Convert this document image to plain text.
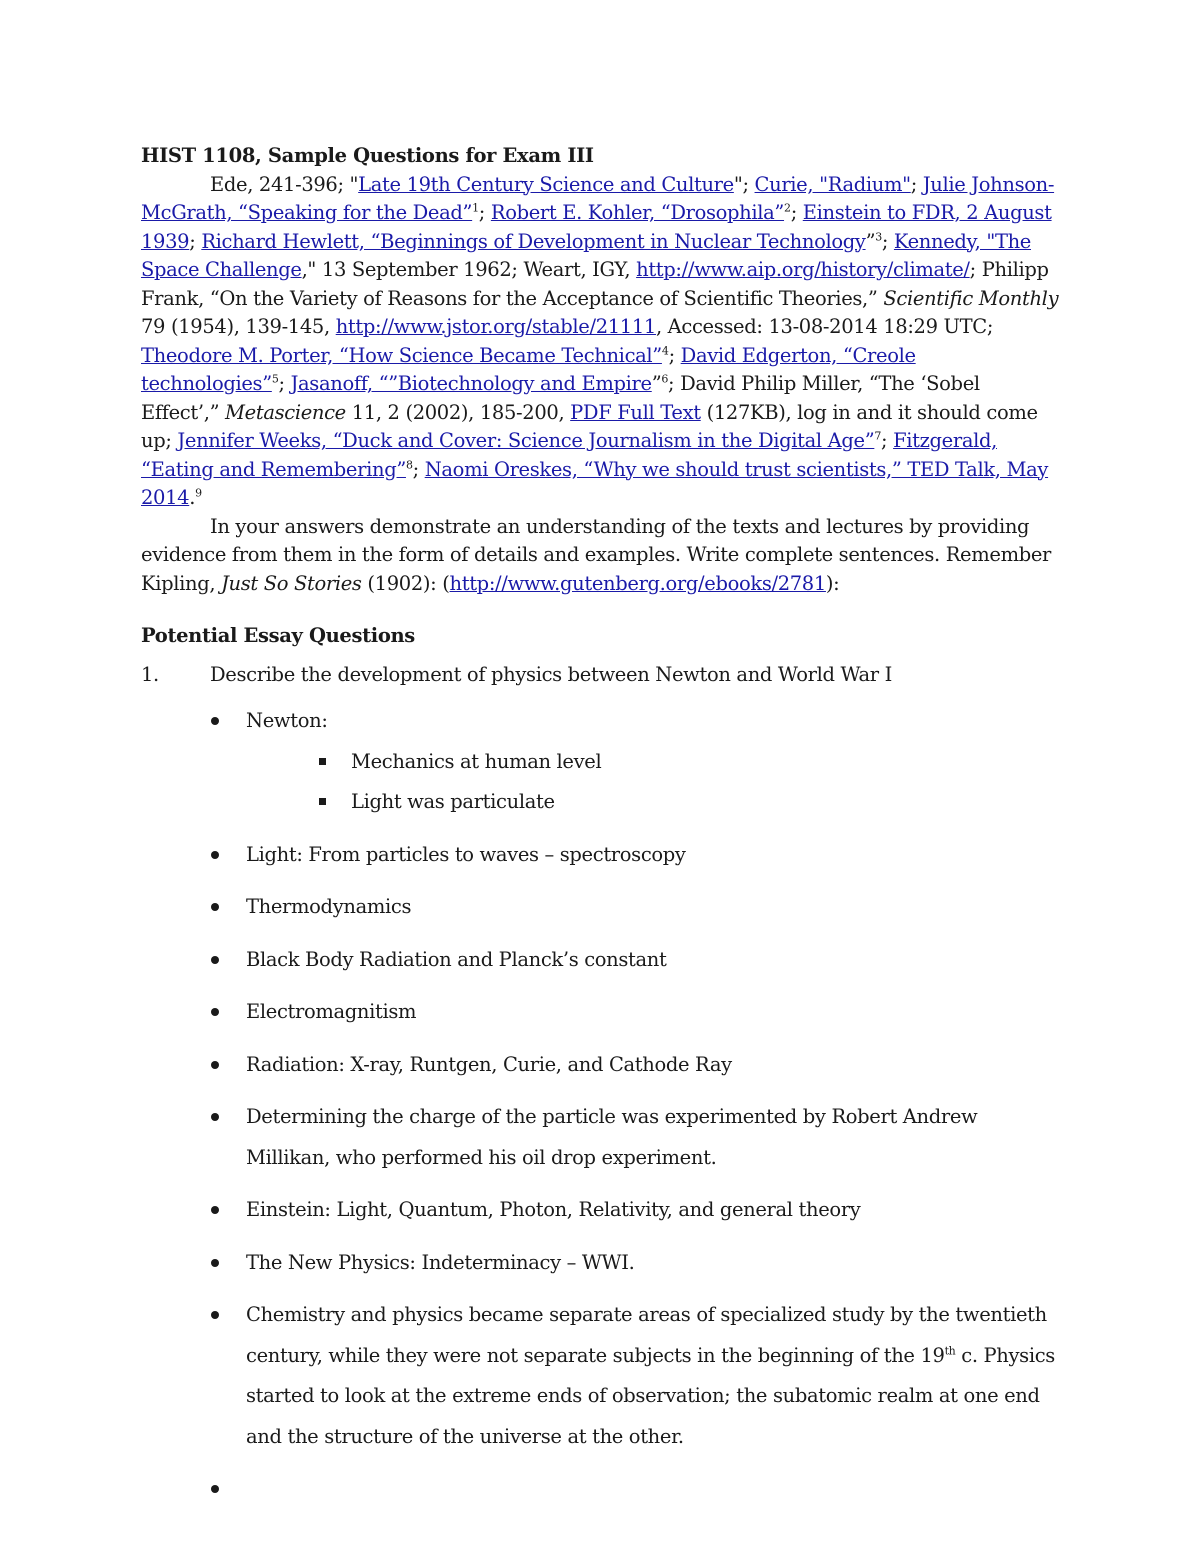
HIST 1108, Sample Questions for Exam III

Ede, 241-396; "Late 19th Century Science and Culture"; Curie, "Radium"; Julie Johnson-McGrath, “Speaking for the Dead”$^1$; Robert E. Kohler, “Drosophila”$^2$; Einstein to FDR, 2 August 1939; Richard Hewlett, “Beginnings of Development in Nuclear Technology”$^3$; Kennedy, "The Space Challenge," 13 September 1962; Weart, IGY, http://www.aip.org/history/climate/; Philipp Frank, “On the Variety of Reasons for the Acceptance of Scientific Theories,” Scientific Monthly 79 (1954), 139-145, http://www.jstor.org/stable/21111, Accessed: 13-08-2014 18:29 UTC; Theodore M. Porter, “How Science Became Technical”$^4$; David Edgerton, “Creole technologies”$^5$; Jasanoff, “”Biotechnology and Empire”$^6$; David Philip Miller, “The ‘Sobel Effect’,” Metascience 11, 2 (2002), 185-200, PDF Full Text (127KB), log in and it should come up; Jennifer Weeks, “Duck and Cover: Science Journalism in the Digital Age”$^7$; Fitzgerald, “Eating and Remembering”$^8$; Naomi Oreskes, “Why we should trust scientists,” TED Talk, May 2014.$^9$

In your answers demonstrate an understanding of the texts and lectures by providing evidence from them in the form of details and examples. Write complete sentences. Remember Kipling, Just So Stories (1902): (http://www.gutenberg.org/ebooks/2781):

Potential Essay Questions

1.	Describe the development of physics between Newton and World War I
Newton:
Mechanics at human level
Light was particulate
Light: From particles to waves – spectroscopy
Thermodynamics
Black Body Radiation and Planck’s constant
Electromagnitism
Radiation: X-ray, Runtgen, Curie, and Cathode Ray
Determining the charge of the particle was experimented by Robert Andrew Millikan, who performed his oil drop experiment.
Einstein: Light, Quantum, Photon, Relativity, and general theory
The New Physics: Indeterminacy – WWI.
Chemistry and physics became separate areas of specialized study by the twentieth century, while they were not separate subjects in the beginning of the 19th c. Physics started to look at the extreme ends of observation; the subatomic realm at one end and the structure of the universe at the other.
